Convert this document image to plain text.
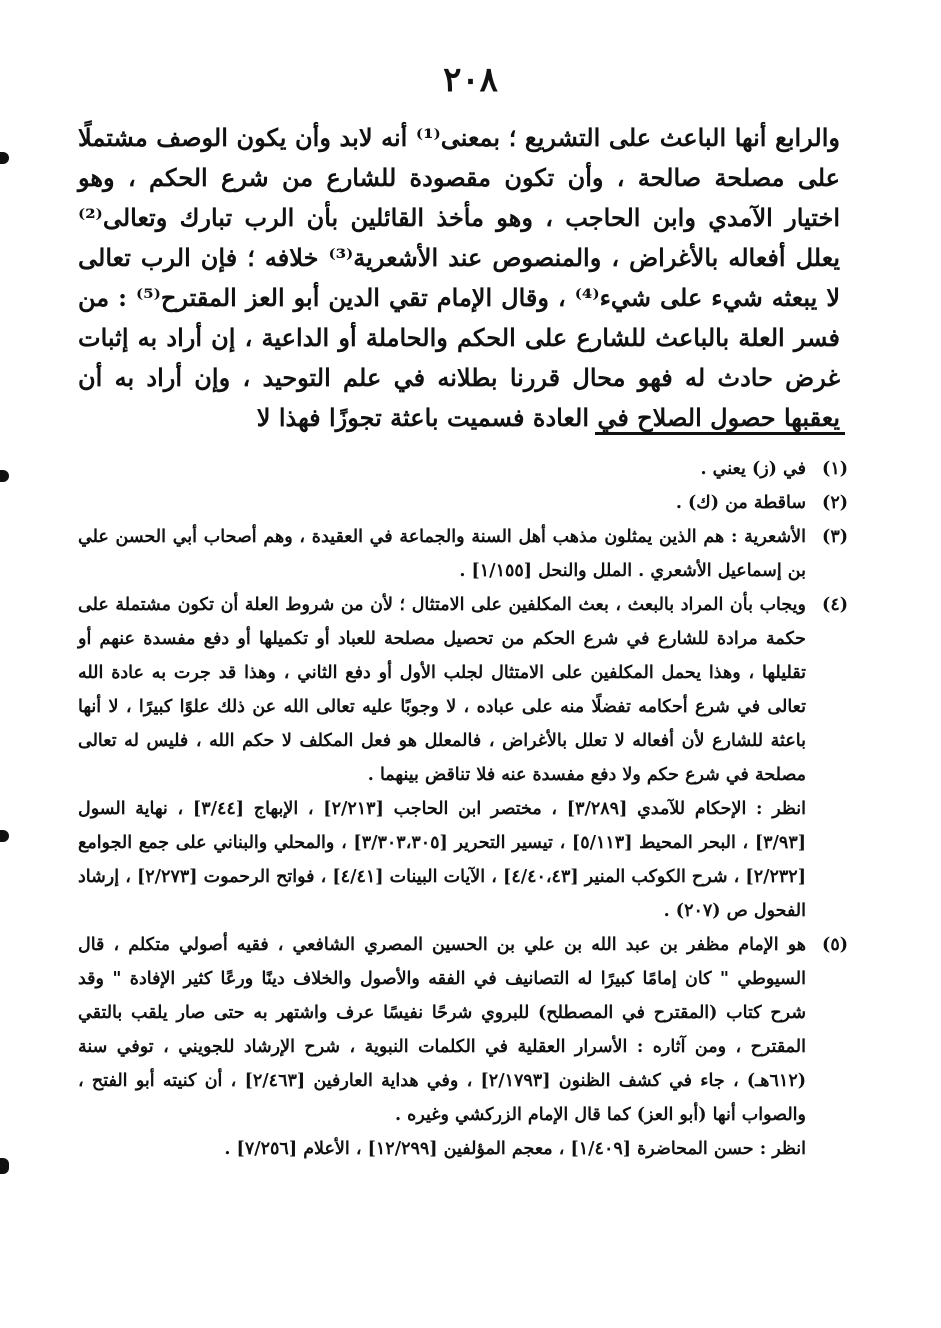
٢٠٨

والرابع أنها الباعث على التشريع ؛ بمعنى⁽¹⁾ أنه لابد وأن يكون الوصف مشتملًا على مصلحة صالحة ، وأن تكون مقصودة للشارع من شرع الحكم ، وهو اختيار الآمدي وابن الحاجب ، وهو مأخذ القائلين بأن الرب تبارك وتعالى⁽²⁾ يعلل أفعاله بالأغراض ، والمنصوص عند الأشعرية⁽³⁾ خلافه ؛ فإن الرب تعالى لا يبعثه شيء على شيء⁽⁴⁾ ، وقال الإمام تقي الدين أبو العز المقترح⁽⁵⁾ : من فسر العلة بالباعث للشارع على الحكم والحاملة أو الداعية ، إن أراد به إثبات غرض حادث له فهو محال قررنا بطلانه في علم التوحيد ، وإن أراد به أن يعقبها حصول الصلاح في العادة فسميت باعثة تجوزًا فهذا لا

(١)
في (ز) يعني .
(٢)
ساقطة من (ك) .
(٣)
الأشعرية : هم الذين يمثلون مذهب أهل السنة والجماعة في العقيدة ، وهم أصحاب أبي الحسن علي بن إسماعيل الأشعري . الملل والنحل [١/١٥٥] .
(٤)
ويجاب بأن المراد بالبعث ، بعث المكلفين على الامتثال ؛ لأن من شروط العلة أن تكون مشتملة على حكمة مرادة للشارع في شرع الحكم من تحصيل مصلحة للعباد أو تكميلها أو دفع مفسدة عنهم أو تقليلها ، وهذا يحمل المكلفين على الامتثال لجلب الأول أو دفع الثاني ، وهذا قد جرت به عادة الله تعالى في شرع أحكامه تفضلًا منه على عباده ، لا وجوبًا عليه تعالى الله عن ذلك علوًا كبيرًا ، لا أنها باعثة للشارع لأن أفعاله لا تعلل بالأغراض ، فالمعلل هو فعل المكلف لا حكم الله ، فليس له تعالى مصلحة في شرع حكم ولا دفع مفسدة عنه فلا تناقض بينهما .

انظر : الإحكام للآمدي [٣/٢٨٩] ، مختصر ابن الحاجب [٢/٢١٣] ، الإبهاج [٣/٤٤] ، نهاية السول [٣/٩٣] ، البحر المحيط [٥/١١٣] ، تيسير التحرير [٣/٣٠٣،٣٠٥] ، والمحلي والبناني على جمع الجوامع [٢/٢٣٢] ، شرح الكوكب المنير [٤/٤٠،٤٣] ، الآيات البينات [٤/٤١] ، فواتح الرحموت [٢/٢٧٣] ، إرشاد الفحول ص (٢٠٧) .

(٥)
هو الإمام مظفر بن عبد الله بن علي بن الحسين المصري الشافعي ، فقيه أصولي متكلم ، قال السيوطي " كان إمامًا كبيرًا له التصانيف في الفقه والأصول والخلاف دينًا ورعًا كثير الإفادة " وقد شرح كتاب (المقترح في المصطلح) للبروي شرحًا نفيسًا عرف واشتهر به حتى صار يلقب بالتقي المقترح ، ومن آثاره : الأسرار العقلية في الكلمات النبوية ، شرح الإرشاد للجويني ، توفي سنة (٦١٢هـ) ، جاء في كشف الظنون [٢/١٧٩٣] ، وفي هداية العارفين [٢/٤٦٣] ، أن كنيته أبو الفتح ، والصواب أنها (أبو العز) كما قال الإمام الزركشي وغيره .

انظر : حسن المحاضرة [١/٤٠٩] ، معجم المؤلفين [١٢/٢٩٩] ، الأعلام [٧/٢٥٦] .
